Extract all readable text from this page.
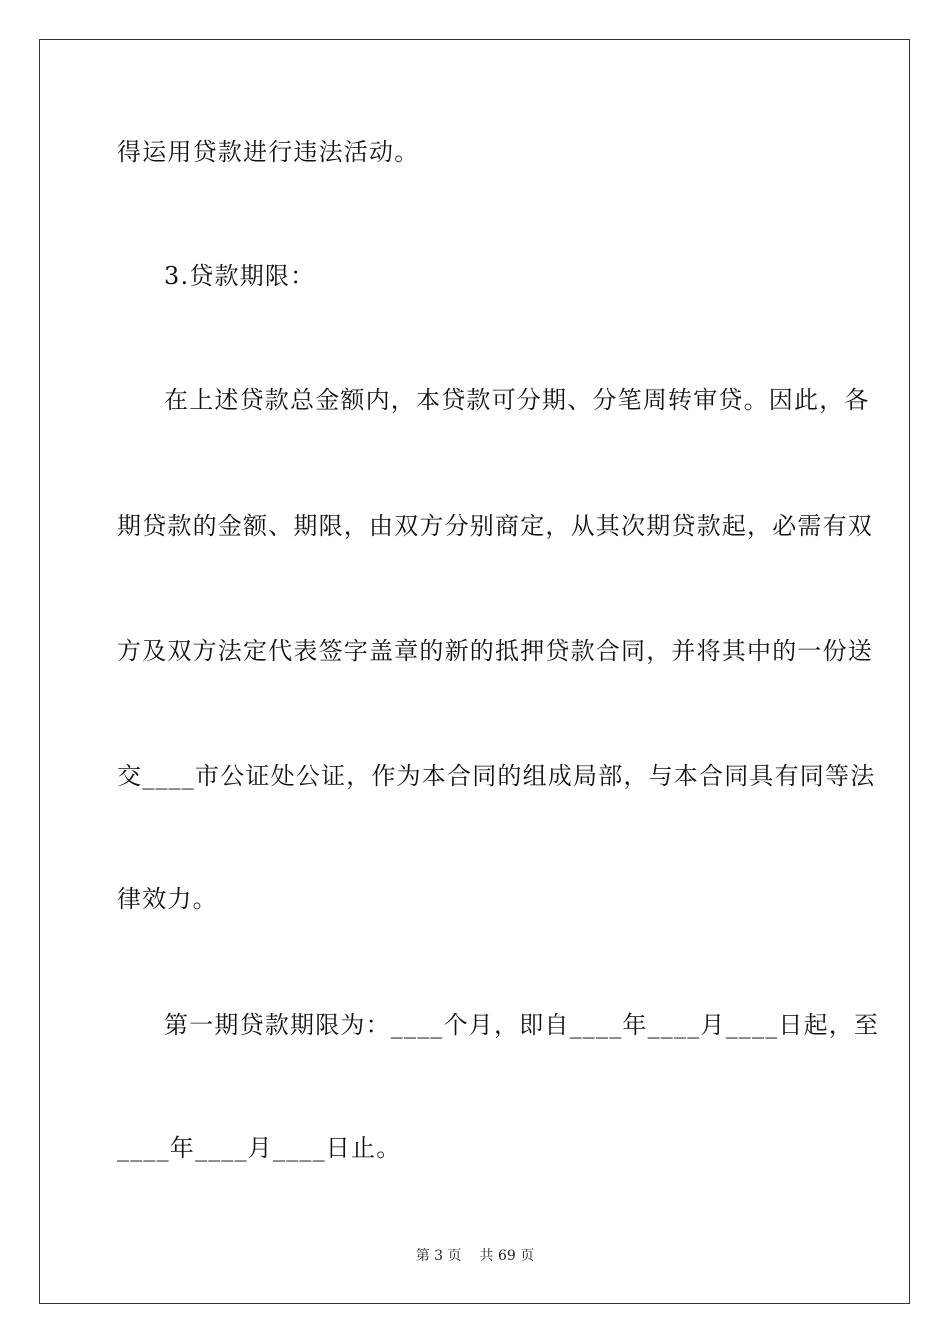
得运用贷款进行违法活动。
3.贷款期限：
在上述贷款总金额内，本贷款可分期、分笔周转审贷。因此，各
期贷款的金额、期限，由双方分别商定，从其次期贷款起，必需有双
方及双方法定代表签字盖章的新的抵押贷款合同，并将其中的一份送
交____市公证处公证，作为本合同的组成局部，与本合同具有同等法
律效力。
第一期贷款期限为：____个月，即自____年____月____日起，至
____年____月____日止。
第 3 页 共 69 页
